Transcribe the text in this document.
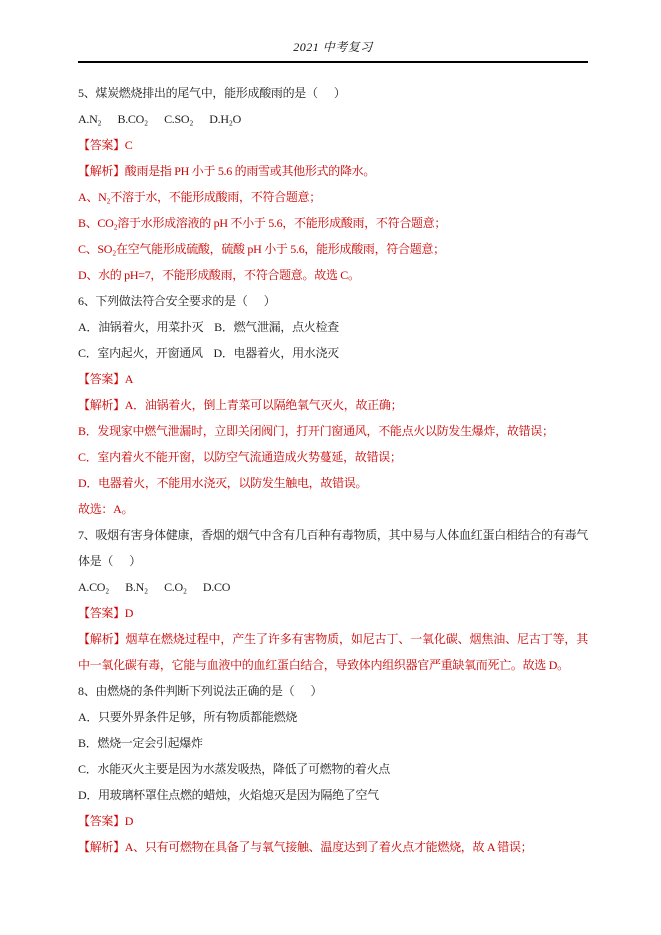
2021 中考复习

5、煤炭燃烧排出的尾气中，能形成酸雨的是（      ）

A.N₂      B.CO₂      C.SO₂      D.H₂O

【答案】C

【解析】酸雨是指 PH 小于 5.6 的雨雪或其他形式的降水。

A、N₂不溶于水，不能形成酸雨，不符合题意；

B、CO₂溶于水形成溶液的 pH 不小于 5.6，不能形成酸雨，不符合题意；

C、SO₂在空气能形成硫酸，硫酸 pH 小于 5.6，能形成酸雨，符合题意；

D、水的 pH=7，不能形成酸雨，不符合题意。故选 C。

6、下列做法符合安全要求的是（      ）

A．油锅着火，用菜扑灭    B．燃气泄漏，点火检查

C．室内起火，开窗通风    D．电器着火，用水浇灭

【答案】A

【解析】A．油锅着火，倒上青菜可以隔绝氧气灭火，故正确；

B．发现家中燃气泄漏时，立即关闭阀门，打开门窗通风，不能点火以防发生爆炸，故错误；

C．室内着火不能开窗，以防空气流通造成火势蔓延，故错误；

D．电器着火，不能用水浇灭，以防发生触电，故错误。

故选：A。

7、吸烟有害身体健康，香烟的烟气中含有几百种有毒物质，其中易与人体血红蛋白相结合的有毒气体是（      ）

A.CO₂      B.N₂      C.O₂      D.CO

【答案】D

【解析】烟草在燃烧过程中，产生了许多有害物质，如尼古丁、一氧化碳、烟焦油、尼古丁等，其中一氧化碳有毒，它能与血液中的血红蛋白结合，导致体内组织器官严重缺氧而死亡。故选 D。

8、由燃烧的条件判断下列说法正确的是（      ）

A．只要外界条件足够，所有物质都能燃烧

B．燃烧一定会引起爆炸

C．水能灭火主要是因为水蒸发吸热，降低了可燃物的着火点

D．用玻璃杯罩住点燃的蜡烛，火焰熄灭是因为隔绝了空气

【答案】D

【解析】A、只有可燃物在具备了与氧气接触、温度达到了着火点才能燃烧，故 A 错误；
